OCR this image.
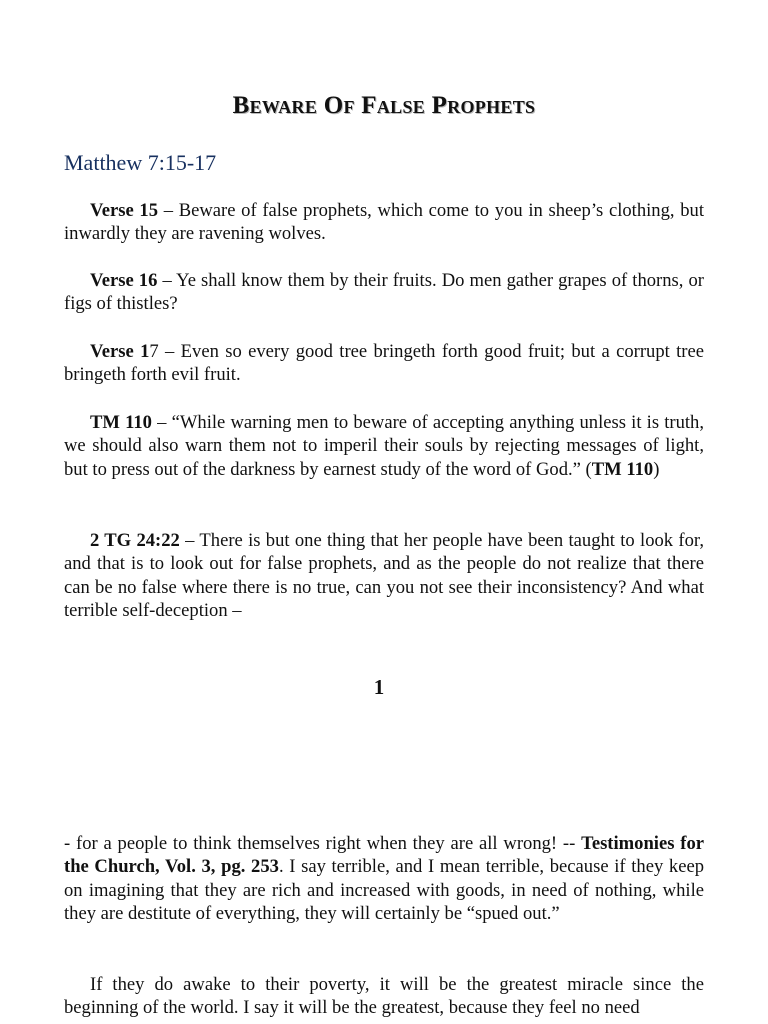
Beware Of False Prophets
Matthew 7:15-17

Verse 15 – Beware of false prophets, which come to you in sheep’s clothing, but inwardly they are ravening wolves.

Verse 16 – Ye shall know them by their fruits. Do men gather grapes of thorns, or figs of thistles?

Verse 17 – Even so every good tree bringeth forth good fruit; but a corrupt tree bringeth forth evil fruit.

TM 110 – “While warning men to beware of accepting anything unless it is truth, we should also warn them not to imperil their souls by rejecting messages of light, but to press out of the darkness by earnest study of the word of God.” (TM 110)

2 TG 24:22 – There is but one thing that her people have been taught to look for, and that is to look out for false prophets, and as the people do not realize that there can be no false where there is no true, can you not see their inconsistency? And what terrible self-deception –

1

- for a people to think themselves right when they are all wrong! -- Testimonies for the Church, Vol. 3, pg. 253. I say terrible, and I mean terrible, because if they keep on imagining that they are rich and increased with goods, in need of nothing, while they are destitute of everything, they will certainly be “spued out.”

If they do awake to their poverty, it will be the greatest miracle since the beginning of the world. I say it will be the greatest, because they feel no need
